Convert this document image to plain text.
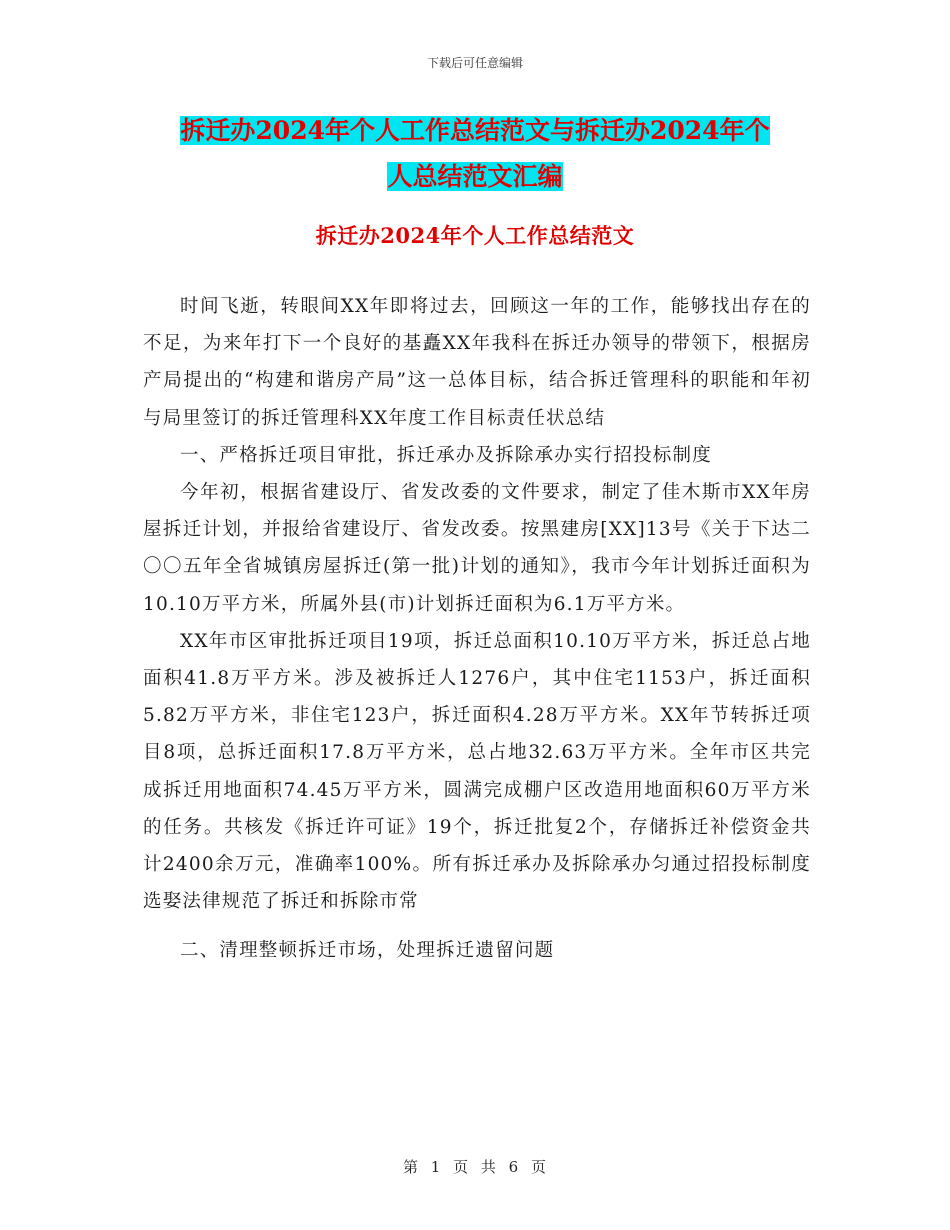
下载后可任意编辑
拆迁办2024年个人工作总结范文与拆迁办2024年个
人总结范文汇编
拆迁办2024年个人工作总结范文

时间飞逝，转眼间XX年即将过去，回顾这一年的工作，能够找出存在的不足，为来年打下一个良好的基矗XX年我科在拆迁办领导的带领下，根据房产局提出的“构建和谐房产局”这一总体目标，结合拆迁管理科的职能和年初与局里签订的拆迁管理科XX年度工作目标责任状总结

一、严格拆迁项目审批，拆迁承办及拆除承办实行招投标制度

今年初，根据省建设厅、省发改委的文件要求，制定了佳木斯市XX年房屋拆迁计划，并报给省建设厅、省发改委。按黑建房[XX]13号《关于下达二〇〇五年全省城镇房屋拆迁(第一批)计划的通知》，我市今年计划拆迁面积为10.10万平方米，所属外县(市)计划拆迁面积为6.1万平方米。

XX年市区审批拆迁项目19项，拆迁总面积10.10万平方米，拆迁总占地面积41.8万平方米。涉及被拆迁人1276户，其中住宅1153户，拆迁面积5.82万平方米，非住宅123户，拆迁面积4.28万平方米。XX年节转拆迁项目8项，总拆迁面积17.8万平方米，总占地32.63万平方米。全年市区共完成拆迁用地面积74.45万平方米，圆满完成棚户区改造用地面积60万平方米的任务。共核发《拆迁许可证》19个，拆迁批复2个，存储拆迁补偿资金共计2400余万元，准确率100%。所有拆迁承办及拆除承办匀通过招投标制度选娶法律规范了拆迁和拆除市常

二、清理整顿拆迁市场，处理拆迁遗留问题

第 1 页 共 6 页
